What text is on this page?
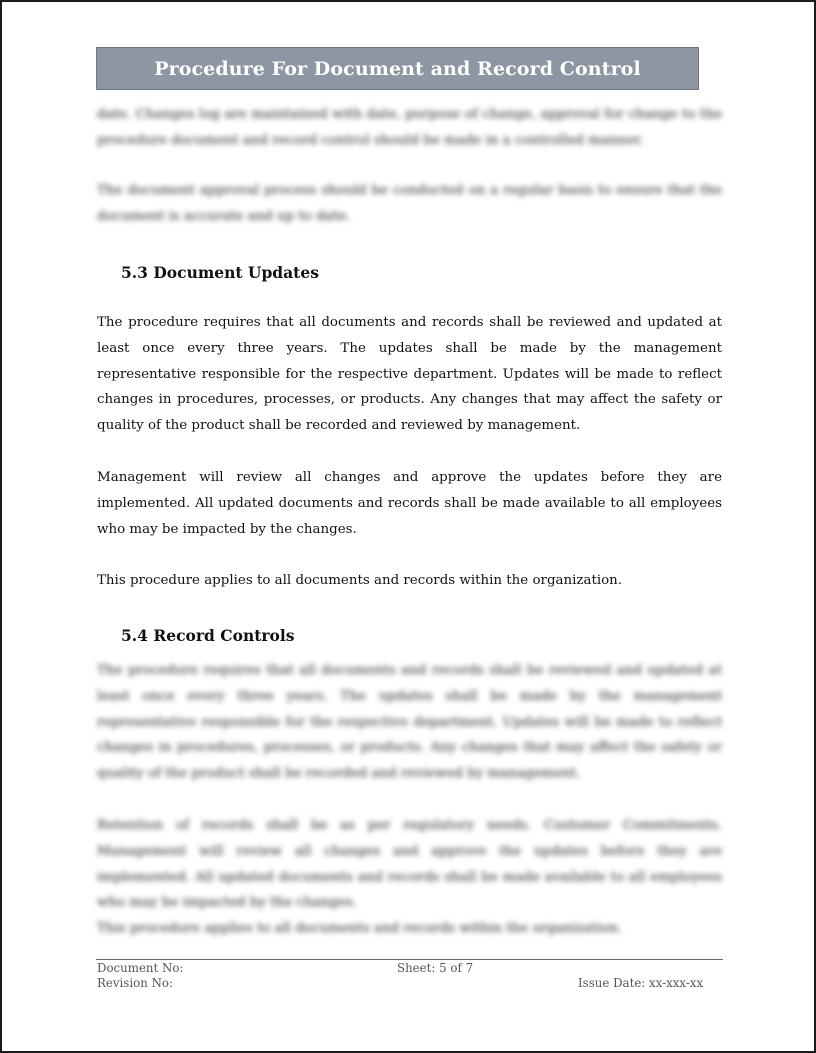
Procedure For Document and Record Control
date. Changes log are maintained with date, purpose of change, approval for change to the procedure document and record control should be made in a controlled manner.
The document approval process should be conducted on a regular basis to ensure that the document is accurate and up to date.
5.3 Document Updates
The procedure requires that all documents and records shall be reviewed and updated at least once every three years. The updates shall be made by the management representative responsible for the respective department. Updates will be made to reflect changes in procedures, processes, or products. Any changes that may affect the safety or quality of the product shall be recorded and reviewed by management.
Management will review all changes and approve the updates before they are implemented. All updated documents and records shall be made available to all employees who may be impacted by the changes.
This procedure applies to all documents and records within the organization.
5.4 Record Controls
The procedure requires that all documents and records shall be reviewed and updated at least once every three years. The updates shall be made by the management representative responsible for the respective department. Updates will be made to reflect changes in procedures, processes, or products. Any changes that may affect the safety or quality of the product shall be recorded and reviewed by management.
Retention of records shall be as per regulatory needs. Customer Commitments. Management will review all changes and approve the updates before they are implemented. All updated documents and records shall be made available to all employees who may be impacted by the changes.
This procedure applies to all documents and records within the organization.
Document No:
Revision No:
Sheet: 5 of 7
Issue Date: xx-xxx-xx
